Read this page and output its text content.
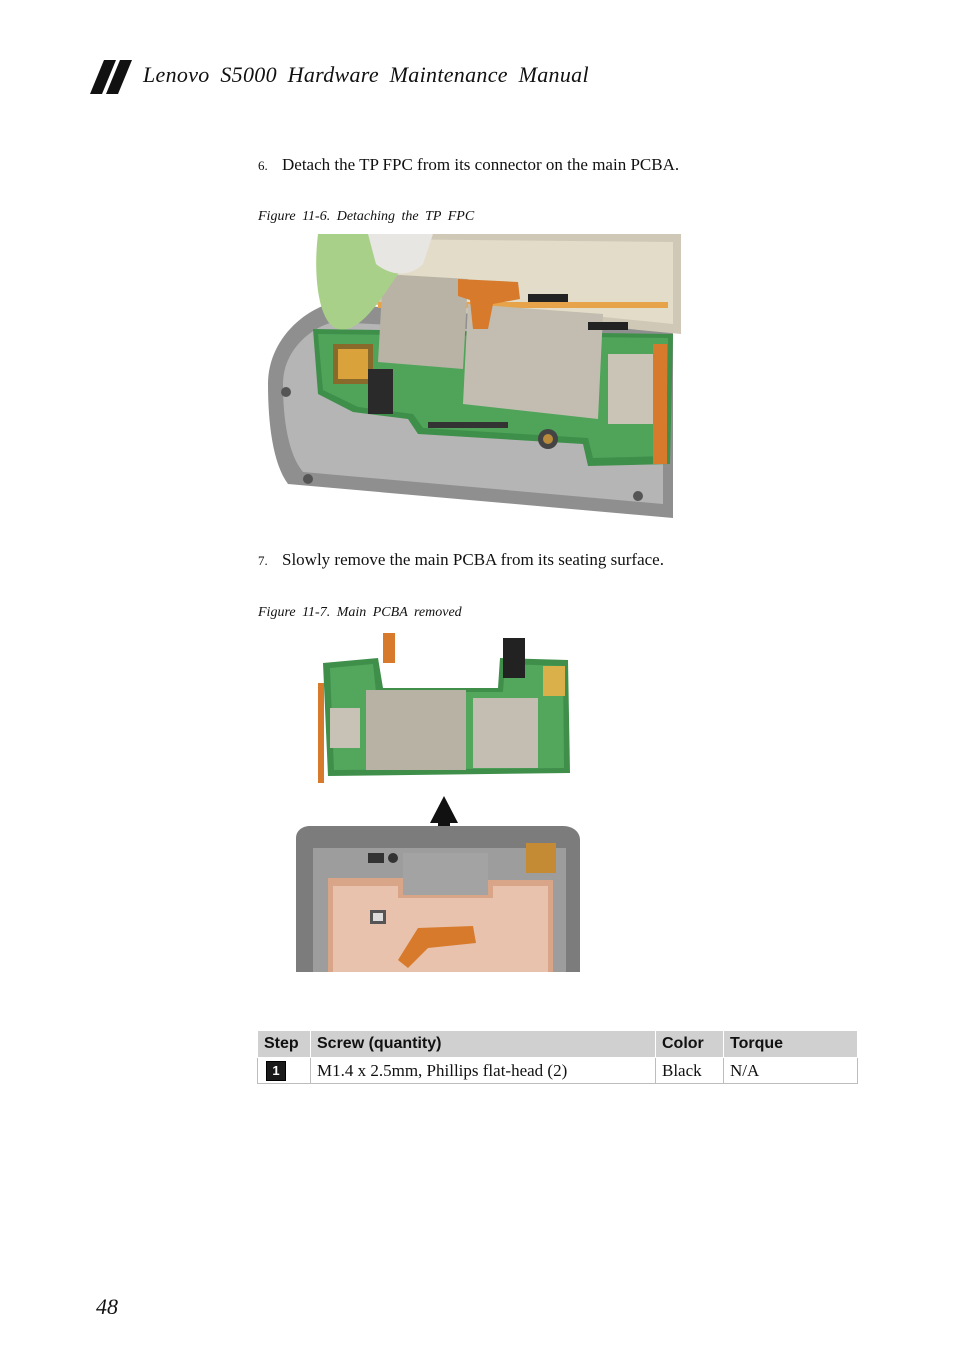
Lenovo S5000 Hardware Maintenance Manual
6. Detach the TP FPC from its connector on the main PCBA.
Figure 11-6. Detaching the TP FPC
7. Slowly remove the main PCBA from its seating surface.
Figure 11-7. Main PCBA removed
Step	Screw (quantity)	Color	Torque
1	M1.4 x 2.5mm, Phillips flat-head (2)	Black	N/A
48
